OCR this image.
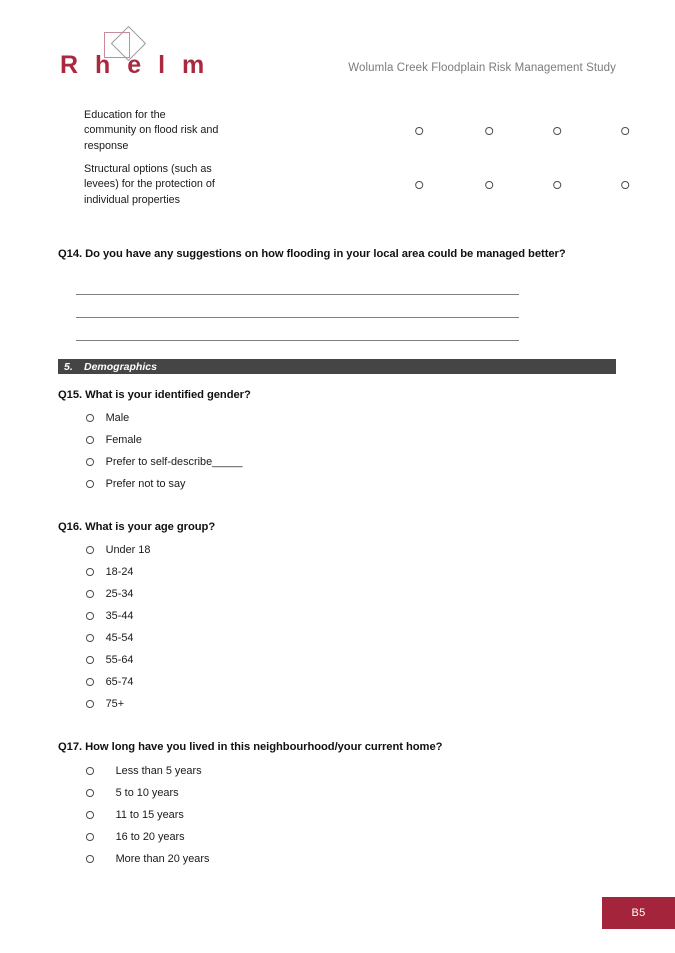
R h e l m	Wolumla Creek Floodplain Risk Management Study
Education for the community on flood risk and response
Structural options (such as levees) for the protection of individual properties
Q14. Do you have any suggestions on how flooding in your local area could be managed better?
5.	Demographics
Q15. What is your identified gender?
Male
Female
Prefer to self-describe_____
Prefer not to say
Q16. What is your age group?
Under 18
18-24
25-34
35-44
45-54
55-64
65-74
75+
Q17. How long have you lived in this neighbourhood/your current home?
Less than 5 years
5 to 10 years
11 to 15 years
16 to 20 years
More than 20 years
B5
